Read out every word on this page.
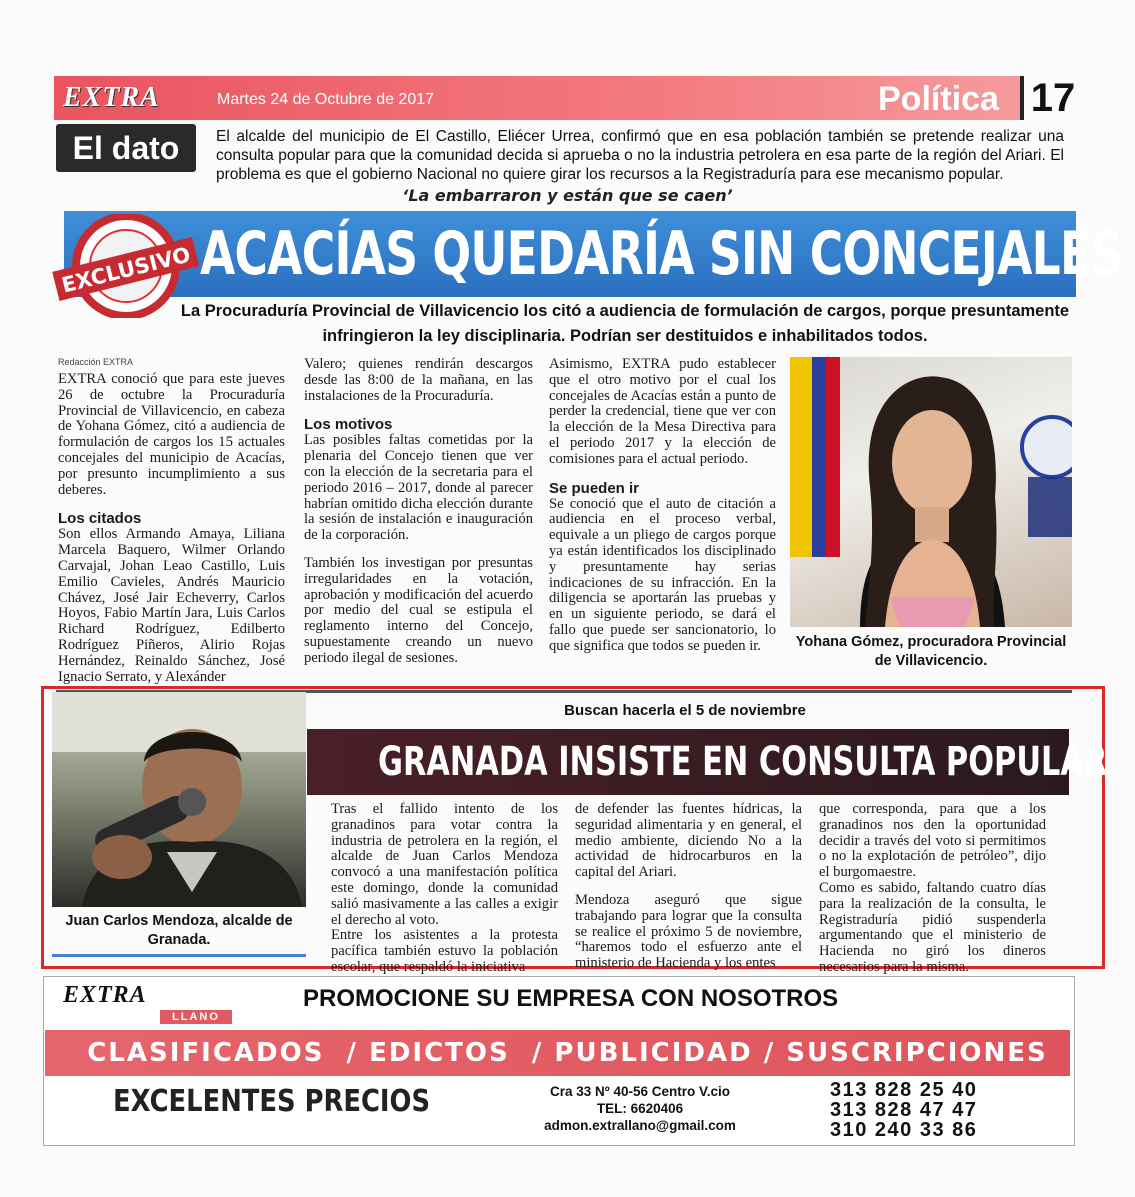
EXTRA	Martes 24 de Octubre de 2017	Política 17
El dato	El alcalde del municipio de El Castillo, Eliécer Urrea, confirmó que en esa población también se pretende realizar una consulta popular para que la comunidad decida si aprueba o no la industria petrolera en esa parte de la región del Ariari. El problema es que el gobierno Nacional no quiere girar los recursos a la Registraduría para ese mecanismo popular.
‘La embarraron y están que se caen’
EXCLUSIVO ACACÍAS QUEDARÍA SIN CONCEJALES
La Procuraduría Provincial de Villavicencio los citó a audiencia de formulación de cargos, porque presuntamente infringieron la ley disciplinaria. Podrían ser destituidos e inhabilitados todos.
Redacción EXTRA

EXTRA conoció que para este jueves 26 de octubre la Procuraduría Provincial de Villavicencio, en cabeza de Yohana Gómez, citó a audiencia de formulación de cargos los 15 actuales concejales del municipio de Acacías, por presunto incumplimiento a sus deberes.

Los citados

Son ellos Armando Amaya, Liliana Marcela Baquero, Wilmer Orlando Carvajal, Johan Leao Castillo, Luis Emilio Cavieles, Andrés Mauricio Chávez, José Jair Echeverry, Carlos Hoyos, Fabio Martín Jara, Luis Carlos Richard Rodríguez, Edilberto Rodríguez Piñeros, Alirio Rojas Hernández, Reinaldo Sánchez, José Ignacio Serrato, y Alexánder

Valero; quienes rendirán descargos desde las 8:00 de la mañana, en las instalaciones de la Procuraduría.

Los motivos

Las posibles faltas cometidas por la plenaria del Concejo tienen que ver con la elección de la secretaria para el periodo 2016 – 2017, donde al parecer habrían omitido dicha elección durante la sesión de instalación e inauguración de la corporación.

También los investigan por presuntas irregularidades en la votación, aprobación y modificación del acuerdo por medio del cual se estipula el reglamento interno del Concejo, supuestamente creando un nuevo periodo ilegal de sesiones.

Asimismo, EXTRA pudo establecer que el otro motivo por el cual los concejales de Acacías están a punto de perder la credencial, tiene que ver con la elección de la Mesa Directiva para el periodo 2017 y la elección de comisiones para el actual periodo.

Se pueden ir

Se conoció que el auto de citación a audiencia en el proceso verbal, equivale a un pliego de cargos porque ya están identificados los disciplinado y presuntamente hay serias indicaciones de su infracción. En la diligencia se aportarán las pruebas y en un siguiente periodo, se dará el fallo que puede ser sancionatorio, lo que significa que todos se pueden ir.	Yohana Gómez, procuradora Provincial de Villavicencio.
Juan Carlos Mendoza, alcalde de Granada.
Buscan hacerla el 5 de noviembre
GRANADA INSISTE EN CONSULTA POPULAR

Tras el fallido intento de los granadinos para votar contra la industria de petrolera en la región, el alcalde de Juan Carlos Mendoza convocó a una manifestación política este domingo, donde la comunidad salió masivamente a las calles a exigir el derecho al voto.

Entre los asistentes a la protesta pacífica también estuvo la población escolar, que respaldó la iniciativa

de defender las fuentes hídricas, la seguridad alimentaria y en general, el medio ambiente, diciendo No a la actividad de hidrocarburos en la capital del Ariari.

Mendoza aseguró que sigue trabajando para lograr que la consulta se realice el próximo 5 de noviembre, “haremos todo el esfuerzo ante el ministerio de Hacienda y los entes

que corresponda, para que a los granadinos nos den la oportunidad decidir a través del voto si permitimos o no la explotación de petróleo”, dijo el burgomaestre.

Como es sabido, faltando cuatro días para la realización de la consulta, le Registraduría pidió suspenderla argumentando que el ministerio de Hacienda no giró los dineros necesarios para la misma.

EXTRA
LLANO
PROMOCIONE SU EMPRESA CON NOSOTROS
CLASIFICADOS  / EDICTOS  / PUBLICIDAD / SUSCRIPCIONES
EXCELENTES PRECIOS	Cra 33 Nº 40-56 Centro V.cio
TEL: 6620406
admon.extrallano@gmail.com
313 828 25 40
313 828 47 47
310 240 33 86
